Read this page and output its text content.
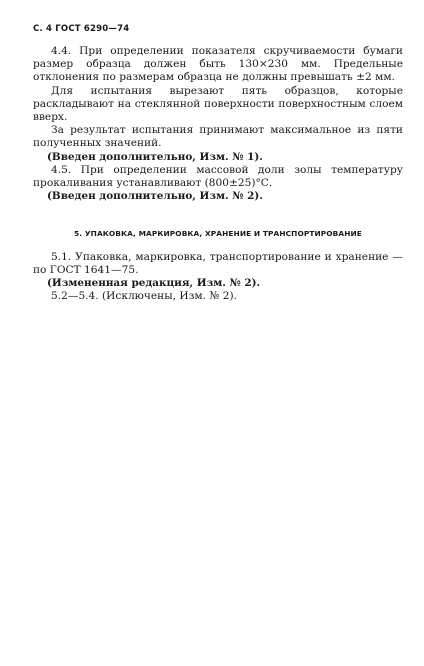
С. 4 ГОСТ 6290—74

4.4. При определении показателя скручиваемости бумаги размер образца должен быть 130×230 мм. Предельные отклонения по размерам образца не должны превышать ±2 мм.

Для испытания вырезают пять образцов, которые раскладывают на стеклянной поверхности поверхностным слоем вверх.

За результат испытания принимают максимальное из пяти полученных значений.

(Введен дополнительно, Изм. № 1).

4.5. При определении массовой доли золы температуру прокаливания устанавливают (800±25)°С.

(Введен дополнительно, Изм. № 2).

5. УПАКОВКА, МАРКИРОВКА, ХРАНЕНИЕ И ТРАНСПОРТИРОВАНИЕ

5.1. Упаковка, маркировка, транспортирование и хранение — по ГОСТ 1641—75.

(Измененная редакция, Изм. № 2).

5.2—5.4. (Исключены, Изм. № 2).
